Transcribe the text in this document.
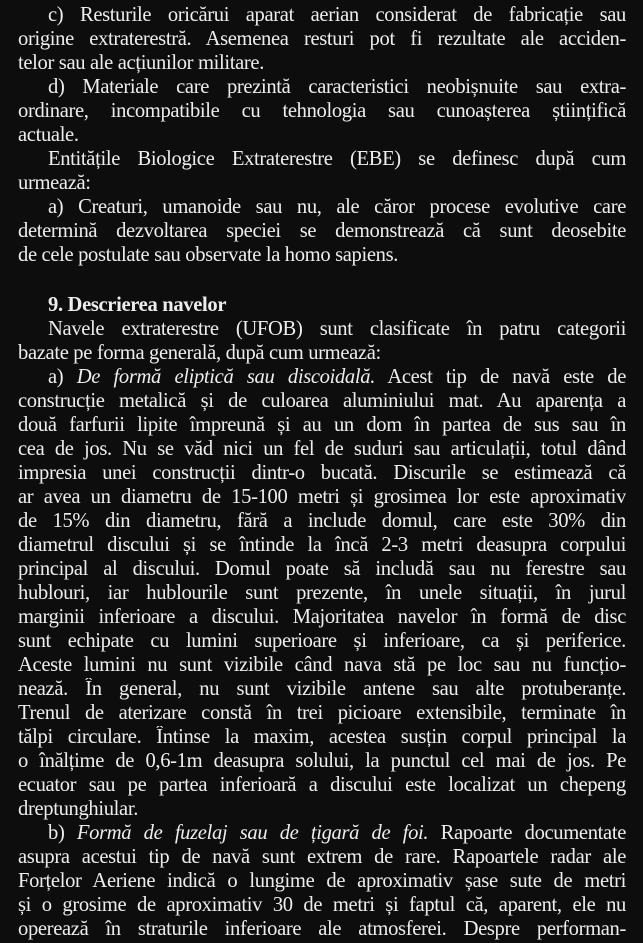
c) Resturile oricărui aparat aerian considerat de fabricație sau
origine extraterestră. Asemenea resturi pot fi rezultate ale acciden-
telor sau ale acțiunilor militare.
d) Materiale care prezintă caracteristici neobișnuite sau extra-
ordinare, incompatibile cu tehnologia sau cunoașterea științifică
actuale.
Entitățile Biologice Extraterestre (EBE) se definesc după cum
urmează:
a) Creaturi, umanoide sau nu, ale căror procese evolutive care
determină dezvoltarea speciei se demonstrează că sunt deosebite
de cele postulate sau observate la homo sapiens.
9. Descrierea navelor
Navele extraterestre (UFOB) sunt clasificate în patru categorii
bazate pe forma generală, după cum urmează:
a) De formă eliptică sau discoidală. Acest tip de navă este de
construcție metalică și de culoarea aluminiului mat. Au aparența a
două farfurii lipite împreună și au un dom în partea de sus sau în
cea de jos. Nu se văd nici un fel de suduri sau articulații, totul dând
impresia unei construcții dintr-o bucată. Discurile se estimează că
ar avea un diametru de 15-100 metri și grosimea lor este aproximativ
de 15% din diametru, fără a include domul, care este 30% din
diametrul discului și se întinde la încă 2-3 metri deasupra corpului
principal al discului. Domul poate să includă sau nu ferestre sau
hublouri, iar hublourile sunt prezente, în unele situații, în jurul
marginii inferioare a discului. Majoritatea navelor în formă de disc
sunt echipate cu lumini superioare și inferioare, ca și periferice.
Aceste lumini nu sunt vizibile când nava stă pe loc sau nu funcțio-
nează. În general, nu sunt vizibile antene sau alte protuberanțe.
Trenul de aterizare constă în trei picioare extensibile, terminate în
tălpi circulare. Întinse la maxim, acestea susțin corpul principal la
o înălțime de 0,6-1m deasupra solului, la punctul cel mai de jos. Pe
ecuator sau pe partea inferioară a discului este localizat un chepeng
dreptunghiular.
b) Formă de fuzelaj sau de țigară de foi. Rapoarte documentate
asupra acestui tip de navă sunt extrem de rare. Rapoartele radar ale
Forțelor Aeriene indică o lungime de aproximativ șase sute de metri
și o grosime de aproximativ 30 de metri și faptul că, aparent, ele nu
operează în straturile inferioare ale atmosferei. Despre performan-
